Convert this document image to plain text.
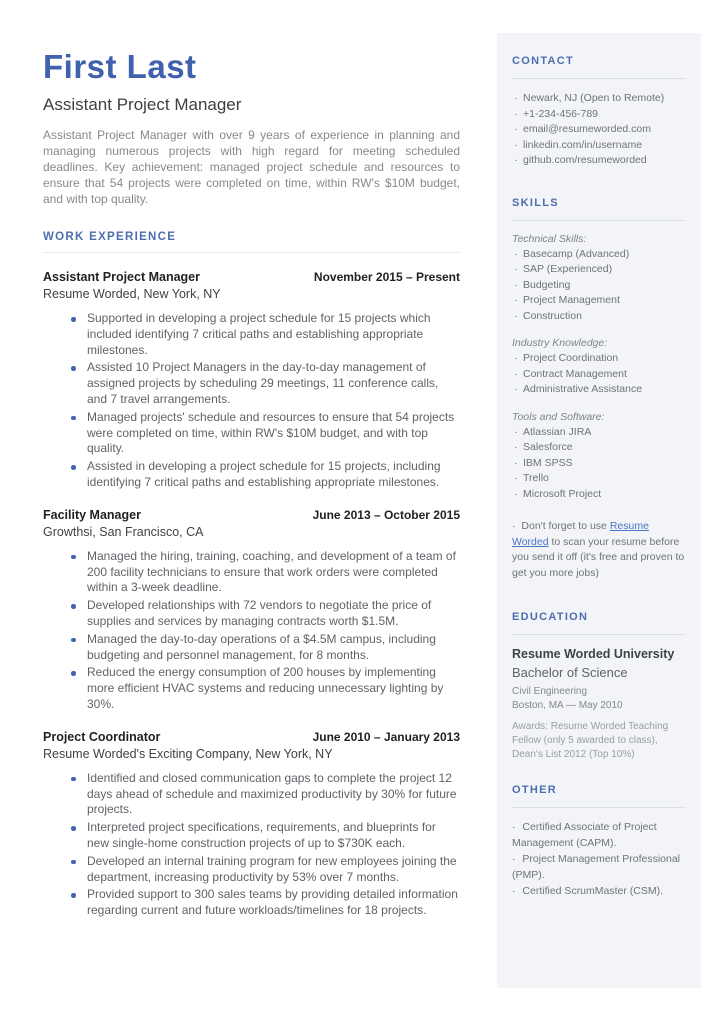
First Last
Assistant Project Manager

Assistant Project Manager with over 9 years of experience in planning and managing numerous projects with high regard for meeting scheduled deadlines. Key achievement: managed project schedule and resources to ensure that 54 projects were completed on time, within RW's $10M budget, and with top quality.

WORK EXPERIENCE
Assistant Project Manager	November 2015 – Present
Resume Worded, New York, NY
Supported in developing a project schedule for 15 projects which included identifying 7 critical paths and establishing appropriate milestones.
Assisted 10 Project Managers in the day-to-day management of assigned projects by scheduling 29 meetings, 11 conference calls, and 7 travel arrangements.
Managed projects' schedule and resources to ensure that 54 projects were completed on time, within RW's $10M budget, and with top quality.
Assisted in developing a project schedule for 15 projects, including identifying 7 critical paths and establishing appropriate milestones.
Facility Manager	June 2013 – October 2015
Growthsi, San Francisco, CA
Managed the hiring, training, coaching, and development of a team of 200 facility technicians to ensure that work orders were completed within a 3-week deadline.
Developed relationships with 72 vendors to negotiate the price of supplies and services by managing contracts worth $1.5M.
Managed the day-to-day operations of a $4.5M campus, including budgeting and personnel management, for 8 months.
Reduced the energy consumption of 200 houses by implementing more efficient HVAC systems and reducing unnecessary lighting by 30%.
Project Coordinator	June 2010 – January 2013
Resume Worded's Exciting Company, New York, NY
Identified and closed communication gaps to complete the project 12 days ahead of schedule and maximized productivity by 30% for future projects.
Interpreted project specifications, requirements, and blueprints for new single-home construction projects of up to $730K each.
Developed an internal training program for new employees joining the department, increasing productivity by 53% over 7 months.
Provided support to 300 sales teams by providing detailed information regarding current and future workloads/timelines for 18 projects.
CONTACT
· Newark, NJ (Open to Remote)
· +1-234-456-789
· email@resumeworded.com
· linkedin.com/in/username
· github.com/resumeworded
SKILLS
Technical Skills:
· Basecamp (Advanced)
· SAP (Experienced)
· Budgeting
· Project Management
· Construction
Industry Knowledge:
· Project Coordination
· Contract Management
· Administrative Assistance
Tools and Software:
· Atlassian JIRA
· Salesforce
· IBM SPSS
· Trello
· Microsoft Project

· Don't forget to use Resume Worded to scan your resume before you send it off (it's free and proven to get you more jobs)

EDUCATION
Resume Worded University
Bachelor of Science
Civil Engineering
Boston, MA — May 2010

Awards: Resume Worded Teaching Fellow (only 5 awarded to class), Dean's List 2012 (Top 10%)

OTHER
· Certified Associate of Project Management (CAPM).
· Project Management Professional (PMP).
· Certified ScrumMaster (CSM).
